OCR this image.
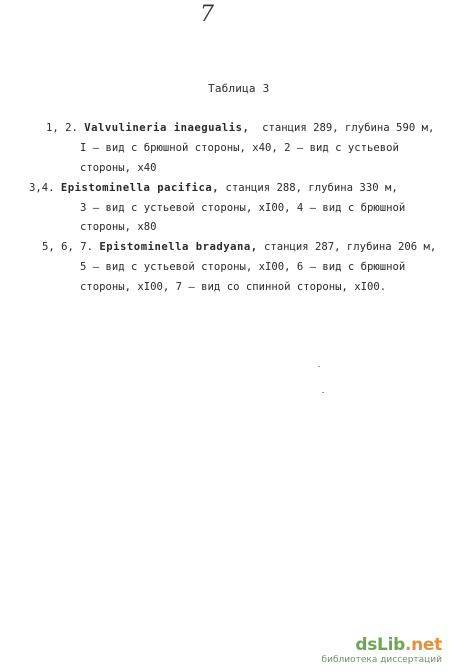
7
Таблица 3
1, 2. Valvulineria inaegualis, станция 289, глубина 590 м,
I – вид с брюшной стороны, x40, 2 – вид с устьевой
стороны, x40
3,4. Epistominella pacifica, станция 288, глубина 330 м,
3 – вид с устьевой стороны, xI00, 4 – вид с брюшной
стороны, x80
5, 6, 7. Epistominella bradyana, станция 287, глубина 206 м,
5 – вид с устьевой стороны, xI00, 6 – вид с брюшной
стороны, xI00, 7 – вид со спинной стороны, xI00.
dsLib.net
библиотека диссертаций
